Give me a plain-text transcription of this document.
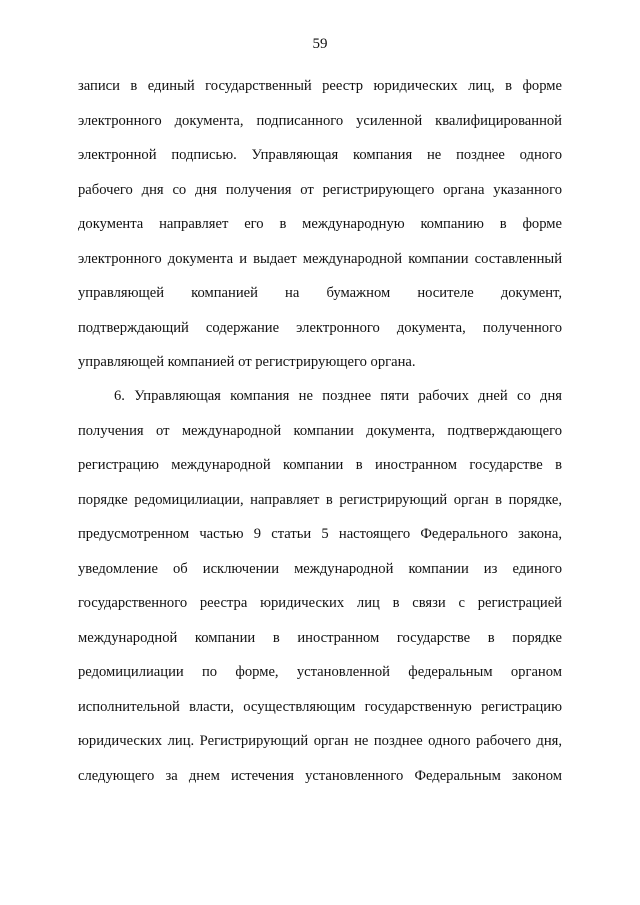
59
записи в единый государственный реестр юридических лиц, в форме
электронного документа, подписанного усиленной квалифицированной
электронной подписью. Управляющая компания не позднее одного
рабочего дня со дня получения от регистрирующего органа указанного
документа направляет его в международную компанию в форме
электронного документа и выдает международной компании составленный
управляющей компанией на бумажном носителе документ,
подтверждающий содержание электронного документа, полученного
управляющей компанией от регистрирующего органа.
6. Управляющая компания не позднее пяти рабочих дней со дня
получения от международной компании документа, подтверждающего
регистрацию международной компании в иностранном государстве в
порядке редомицилиации, направляет в регистрирующий орган в порядке,
предусмотренном частью 9 статьи 5 настоящего Федерального закона,
уведомление об исключении международной компании из единого
государственного реестра юридических лиц в связи с регистрацией
международной компании в иностранном государстве в порядке
редомицилиации по форме, установленной федеральным органом
исполнительной власти, осуществляющим государственную регистрацию
юридических лиц. Регистрирующий орган не позднее одного рабочего дня,
следующего за днем истечения установленного Федеральным законом
